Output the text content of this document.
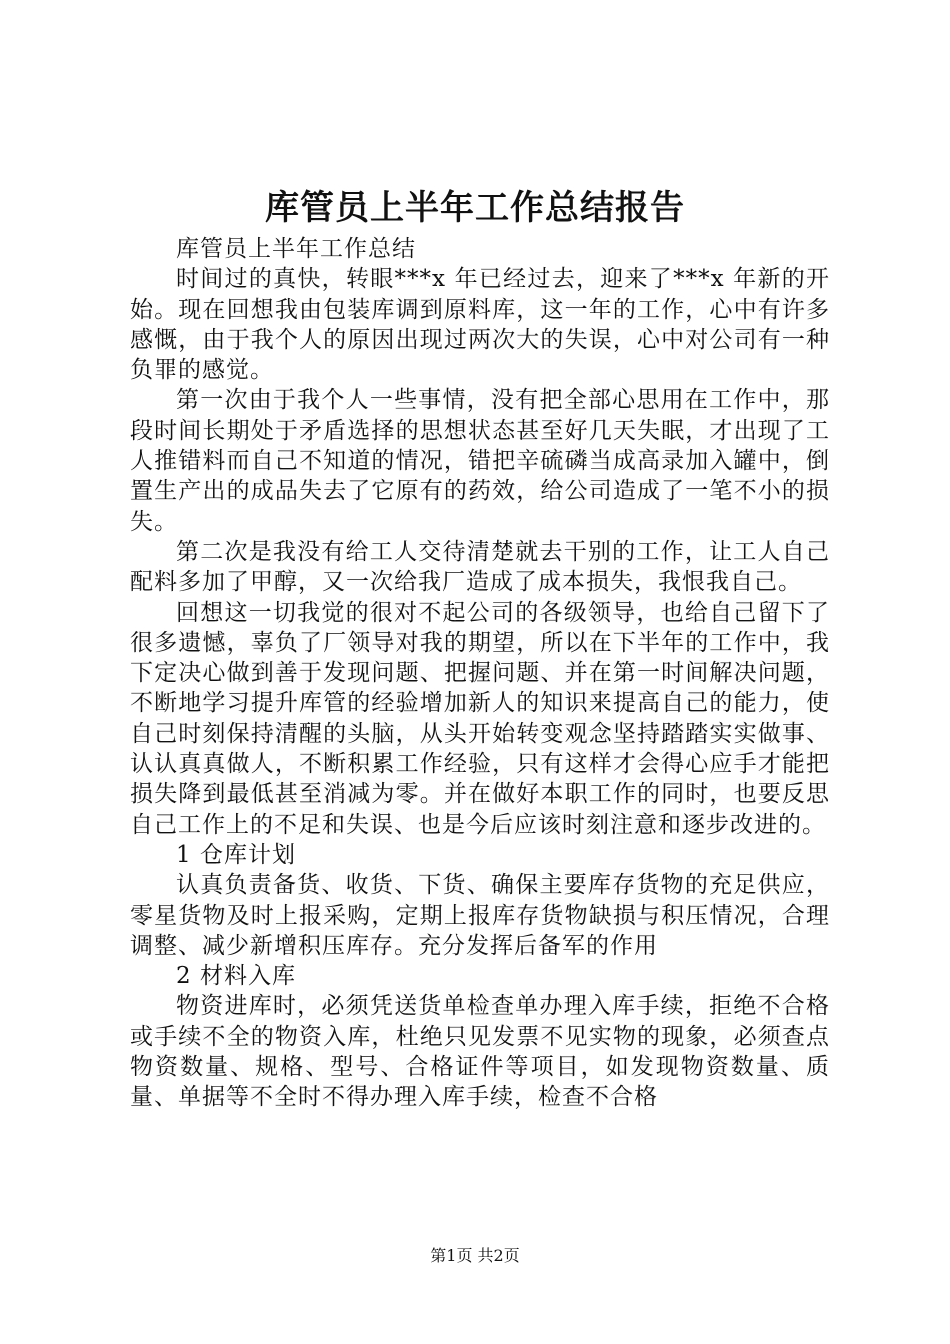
库管员上半年工作总结报告

库管员上半年工作总结

时间过的真快，转眼***x 年已经过去，迎来了***x 年新的开始。现在回想我由包装库调到原料库，这一年的工作，心中有许多感慨，由于我个人的原因出现过两次大的失误，心中对公司有一种负罪的感觉。

第一次由于我个人一些事情，没有把全部心思用在工作中，那段时间长期处于矛盾选择的思想状态甚至好几天失眠，才出现了工人推错料而自己不知道的情况，错把辛硫磷当成高录加入罐中，倒置生产出的成品失去了它原有的药效，给公司造成了一笔不小的损失。

第二次是我没有给工人交待清楚就去干别的工作，让工人自己配料多加了甲醇，又一次给我厂造成了成本损失，我恨我自己。

回想这一切我觉的很对不起公司的各级领导，也给自己留下了很多遗憾，辜负了厂领导对我的期望，所以在下半年的工作中，我下定决心做到善于发现问题、把握问题、并在第一时间解决问题，不断地学习提升库管的经验增加新人的知识来提高自己的能力，使自己时刻保持清醒的头脑，从头开始转变观念坚持踏踏实实做事、认认真真做人，不断积累工作经验，只有这样才会得心应手才能把损失降到最低甚至消减为零。并在做好本职工作的同时，也要反思自己工作上的不足和失误、也是今后应该时刻注意和逐步改进的。

1 仓库计划

认真负责备货、收货、下货、确保主要库存货物的充足供应，零星货物及时上报采购，定期上报库存货物缺损与积压情况，合理调整、减少新增积压库存。充分发挥后备军的作用

2 材料入库

物资进库时，必须凭送货单检查单办理入库手续，拒绝不合格或手续不全的物资入库，杜绝只见发票不见实物的现象，必须查点物资数量、规格、型号、合格证件等项目，如发现物资数量、质量、单据等不全时不得办理入库手续，检查不合格

第1页 共2页
